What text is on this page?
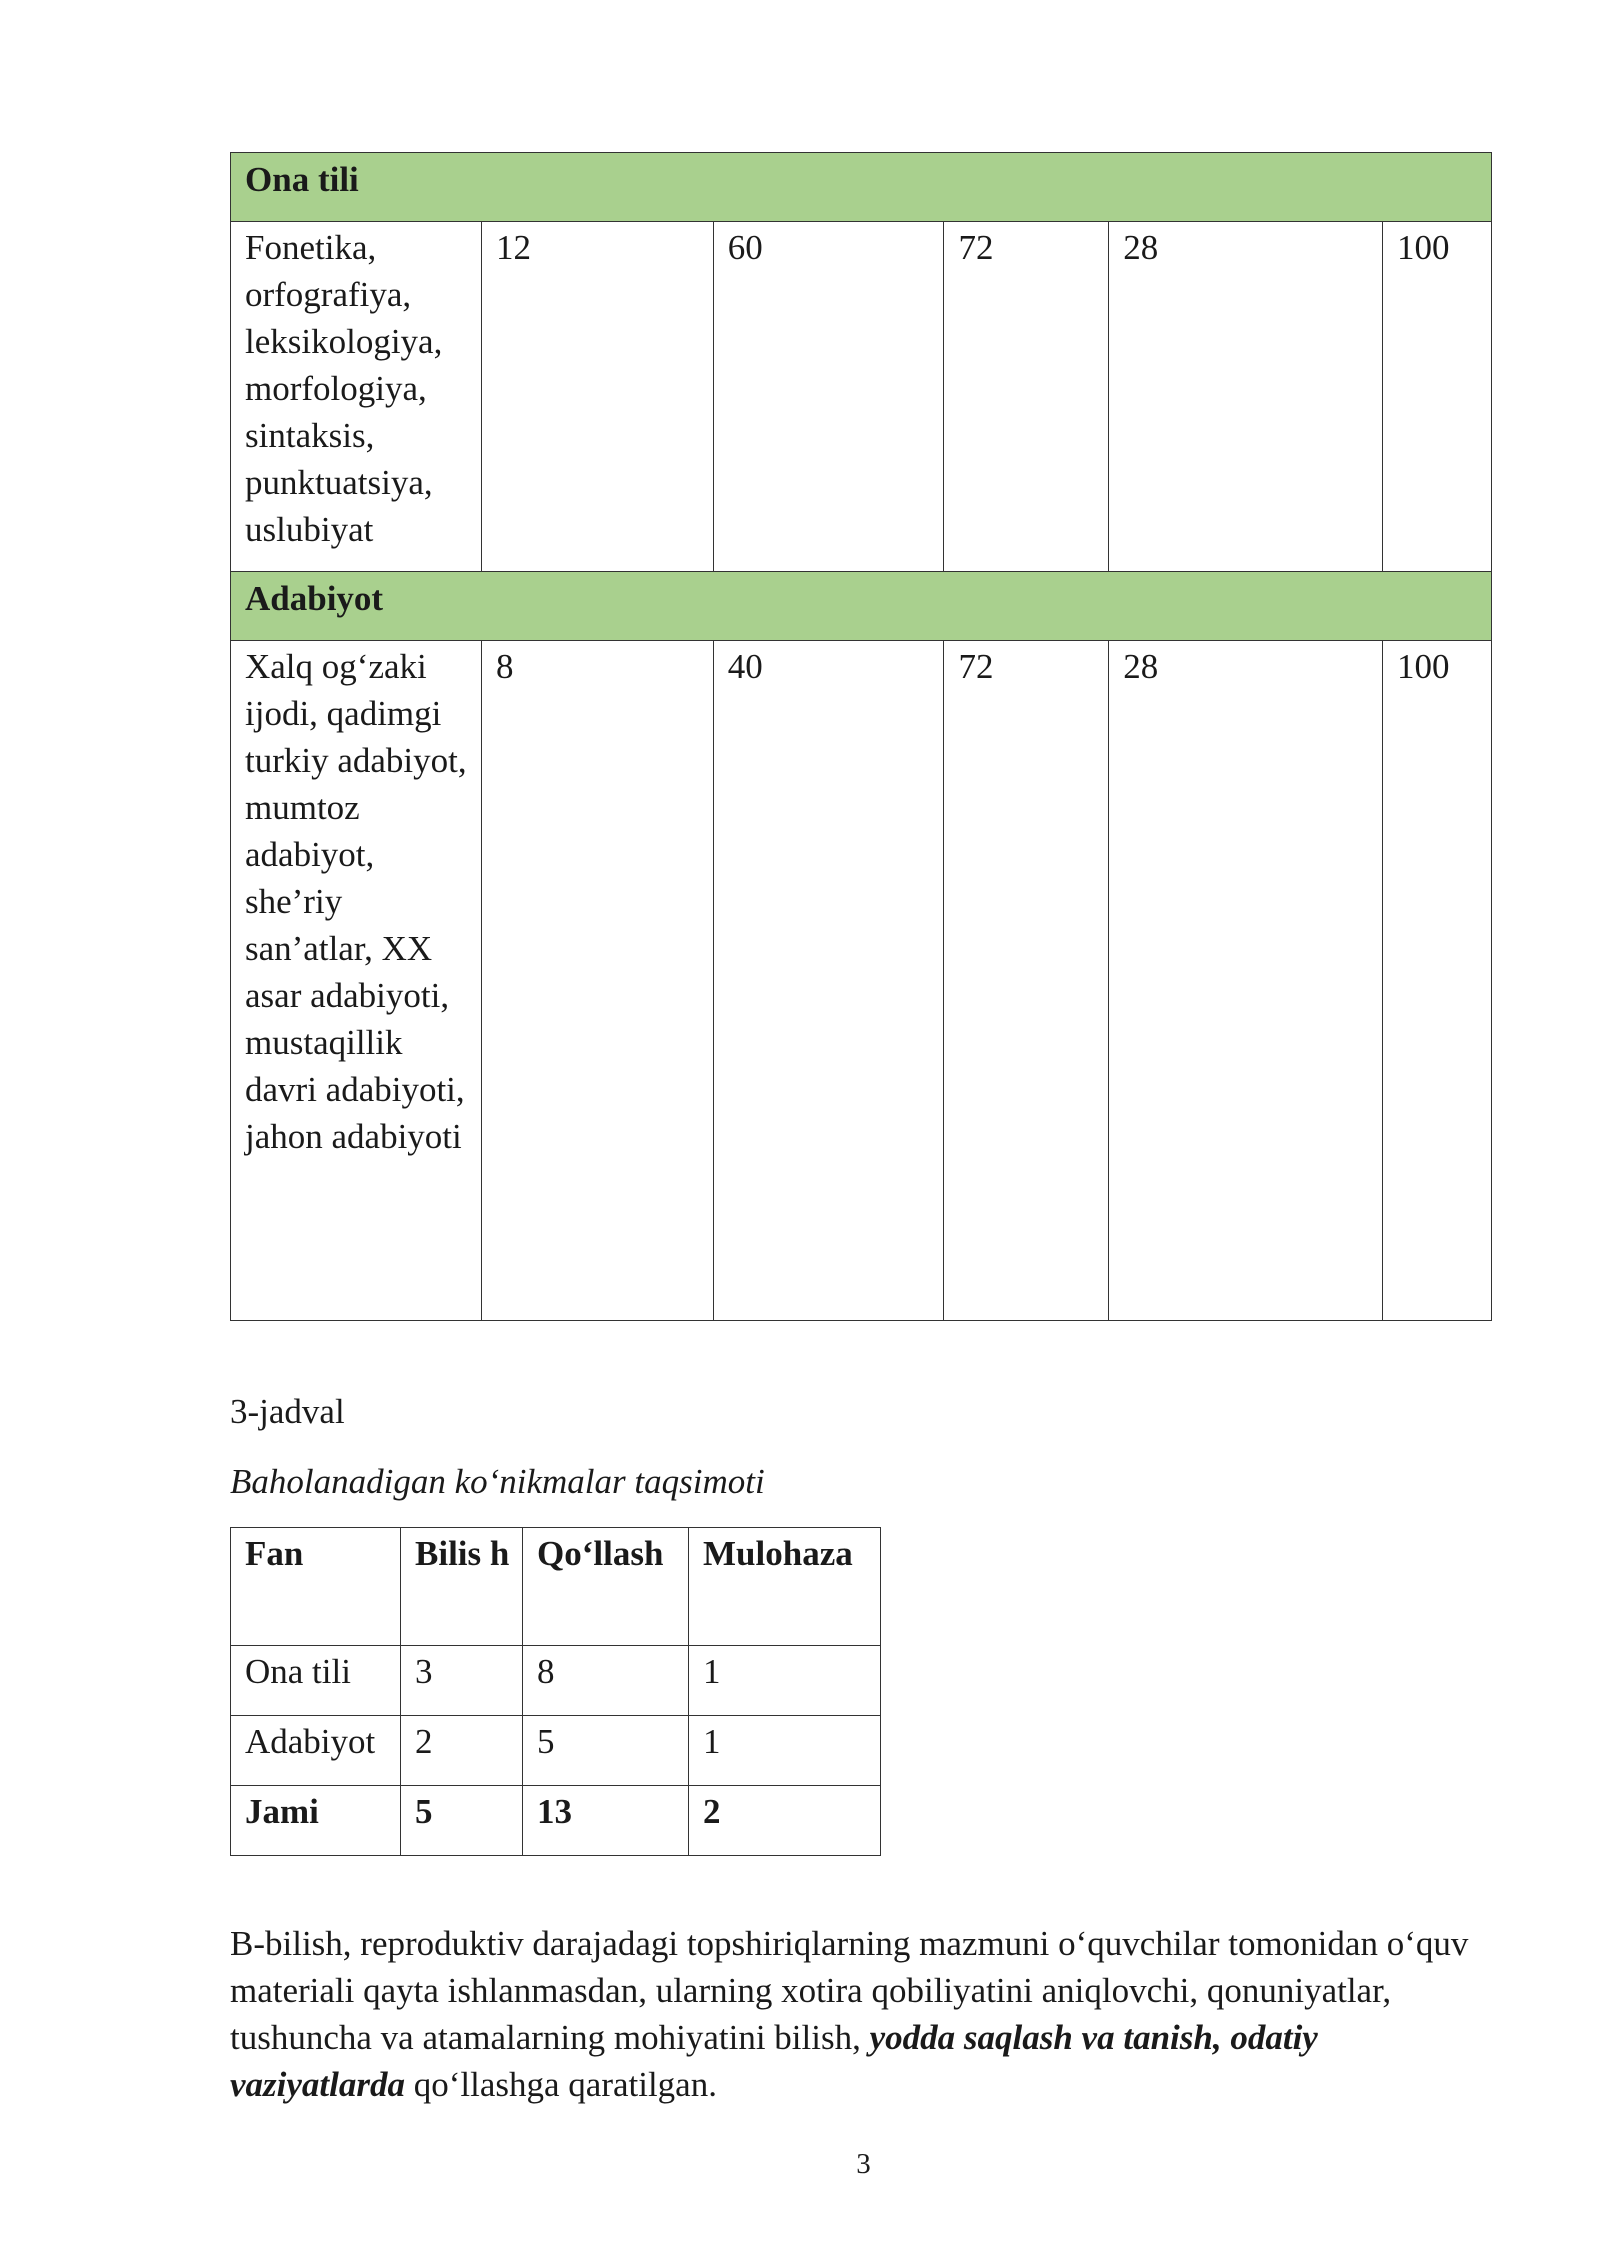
Ona tili					
Fonetika, orfografiya, leksikologiya, morfologiya, sintaksis, punktuatsiya, uslubiyat	12	60	72	28	100
Adabiyot					
Xalq og‘zaki ijodi, qadimgi turkiy adabiyot, mumtoz adabiyot, she’riy san’atlar, XX asar adabiyoti, mustaqillik davri adabiyoti, jahon adabiyoti	8	40	72	28	100
3-jadval
Baholanadigan ko‘nikmalar taqsimoti
Fan	Bilis h	Qo‘llash	Mulohaza
Ona tili	3	8	1
Adabiyot	2	5	1
Jami	5	13	2

B-bilish, reproduktiv darajadagi topshiriqlarning mazmuni o‘quvchilar tomonidan o‘quv materiali qayta ishlanmasdan, ularning xotira qobiliyatini aniqlovchi, qonuniyatlar, tushuncha va atamalarning mohiyatini bilish, yodda saqlash va tanish, odatiy vaziyatlarda qo‘llashga qaratilgan.

3
